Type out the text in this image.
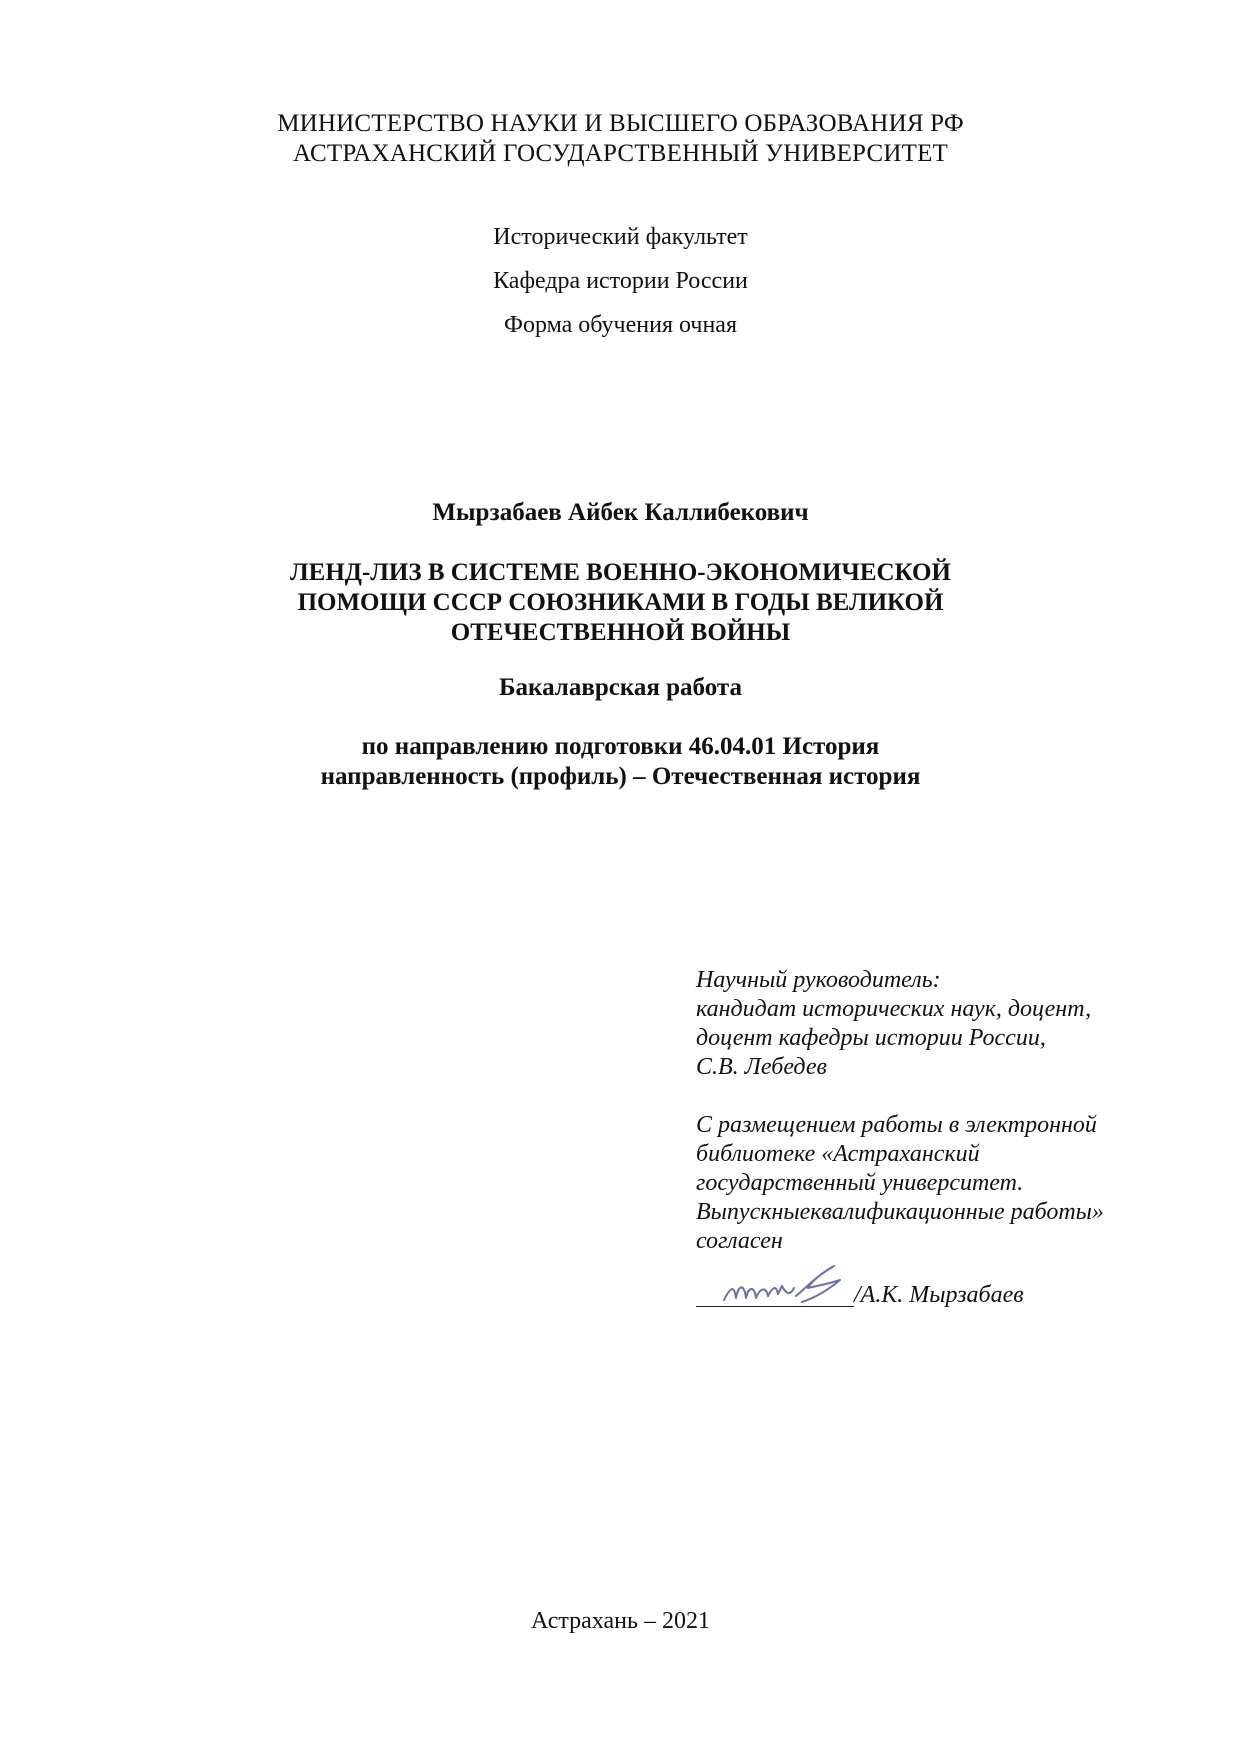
МИНИСТЕРСТВО НАУКИ И ВЫСШЕГО ОБРАЗОВАНИЯ РФ
АСТРАХАНСКИЙ ГОСУДАРСТВЕННЫЙ УНИВЕРСИТЕТ
Исторический факультет
Кафедра истории России
Форма обучения очная
Мырзабаев Айбек Каллибекович
ЛЕНД-ЛИЗ В СИСТЕМЕ ВОЕННО-ЭКОНОМИЧЕСКОЙ
ПОМОЩИ СССР СОЮЗНИКАМИ В ГОДЫ ВЕЛИКОЙ
ОТЕЧЕСТВЕННОЙ ВОЙНЫ
Бакалаврская работа
по направлению подготовки 46.04.01 История
направленность (профиль) – Отечественная история
Научный руководитель:
кандидат исторических наук, доцент,
доцент кафедры истории России,
С.В. Лебедев
С размещением работы в электронной
библиотеке «Астраханский
государственный университет.
Выпускныеквалификационные работы»
согласен
/А.К. Мырзабаев
Астрахань – 2021
